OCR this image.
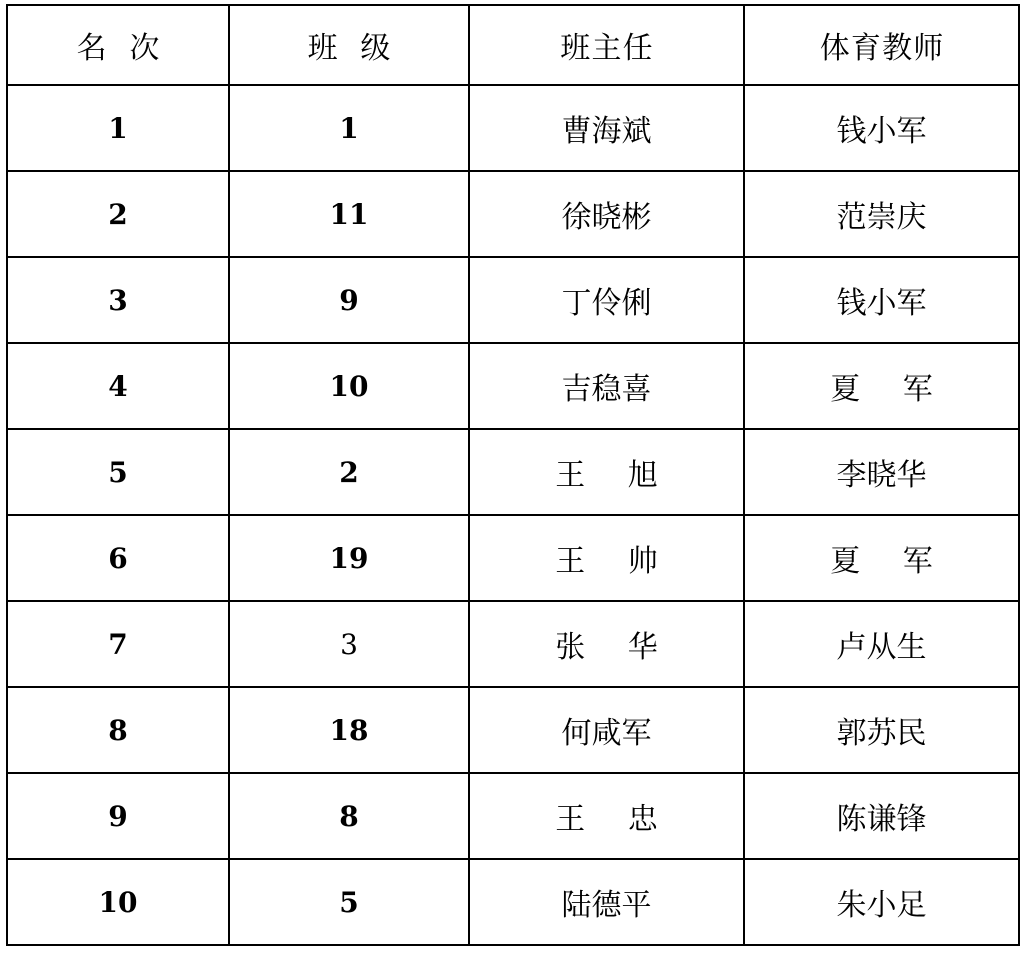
名 次	班 级	班主任	体育教师
1	1	曹海斌	钱小军
2	11	徐晓彬	范崇庆
3	9	丁伶俐	钱小军
4	10	吉稳喜	夏 军
5	2	王 旭	李晓华
6	19	王 帅	夏 军
7	3	张 华	卢从生
8	18	何咸军	郭苏民
9	8	王 忠	陈谦锋
10	5	陆德平	朱小足
